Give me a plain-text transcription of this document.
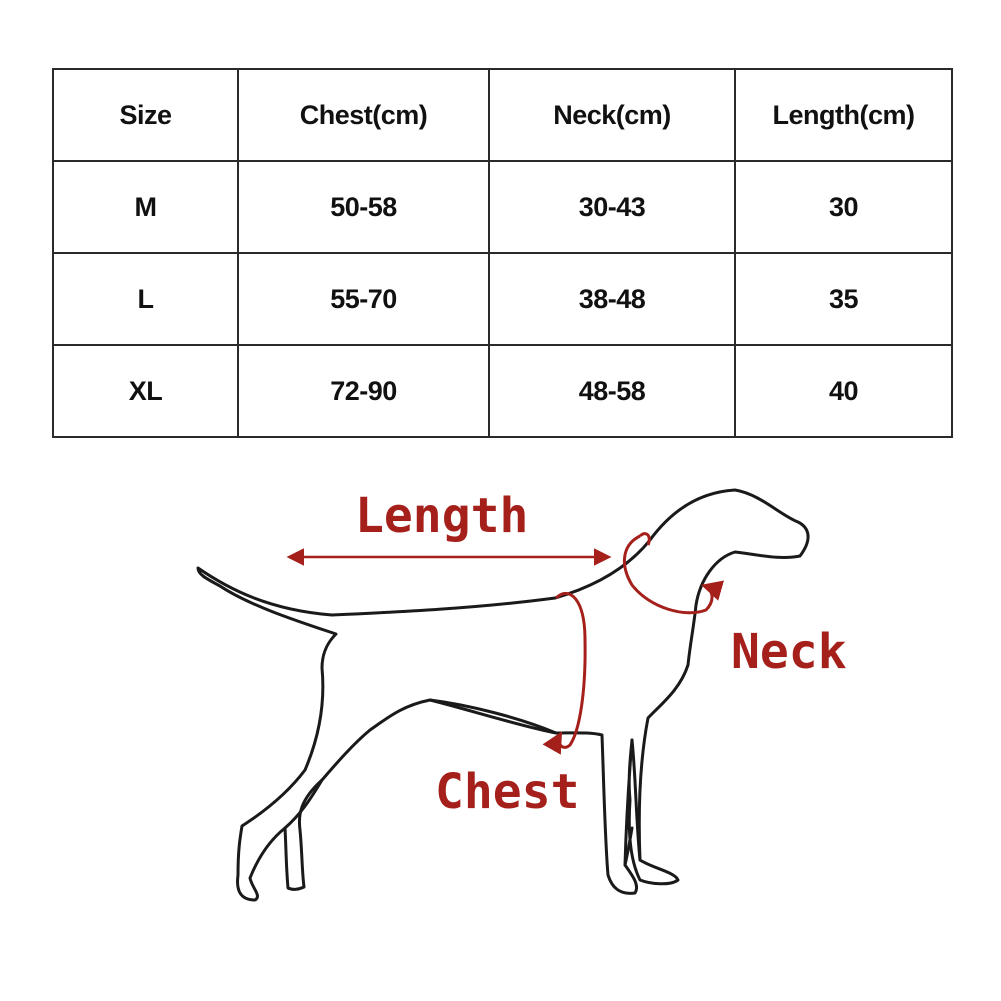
Size	Chest(cm)	Neck(cm)	Length(cm)
M	50-58	30-43	30
L	55-70	38-48	35
XL	72-90	48-58	40
Length
Neck
Chest
